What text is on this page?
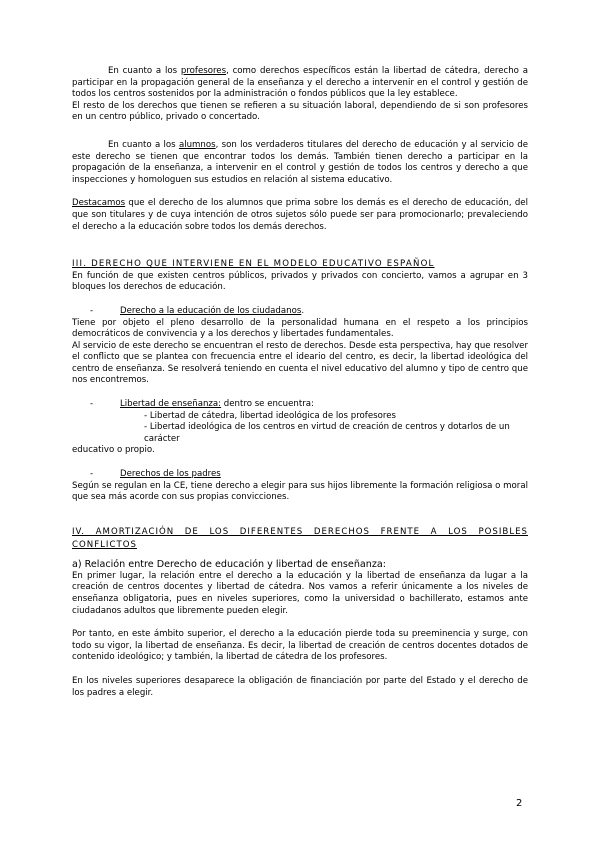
En cuanto a los profesores, como derechos específicos están la libertad de cátedra, derecho a participar en la propagación general de la enseñanza y el derecho a intervenir en el control y gestión de todos los centros sostenidos por la administración o fondos públicos que la ley establece.

El resto de los derechos que tienen se refieren a su situación laboral, dependiendo de si son profesores en un centro público, privado o concertado.

En cuanto a los alumnos, son los verdaderos titulares del derecho de educación y al servicio de este derecho se tienen que encontrar todos los demás. También tienen derecho a participar en la propagación de la enseñanza, a intervenir en el control y gestión de todos los centros y derecho a que inspecciones y homologuen sus estudios en relación al sistema educativo.

Destacamos que el derecho de los alumnos que prima sobre los demás es el derecho de educación, del que son titulares y de cuya intención de otros sujetos sólo puede ser para promocionarlo; prevaleciendo el derecho a la educación sobre todos los demás derechos.

III. DERECHO QUE INTERVIENE EN EL MODELO EDUCATIVO ESPAÑOL

En función de que existen centros públicos, privados y privados con concierto, vamos a agrupar en 3 bloques los derechos de educación.

-	Derecho a la educación de los ciudadanos.

Tiene por objeto el pleno desarrollo de la personalidad humana en el respeto a los principios democráticos de convivencia y a los derechos y libertades fundamentales.

Al servicio de este derecho se encuentran el resto de derechos. Desde esta perspectiva, hay que resolver el conflicto que se plantea con frecuencia entre el ideario del centro, es decir, la libertad ideológica del centro de enseñanza. Se resolverá teniendo en cuenta el nivel educativo del alumno y tipo de centro que nos encontremos.

-	Libertad de enseñanza: dentro se encuentra:
- Libertad de cátedra, libertad ideológica de los profesores
- Libertad ideológica de los centros en virtud de creación de centros y dotarlos de un carácter
educativo o propio.
-	Derechos de los padres

Según se regulan en la CE, tiene derecho a elegir para sus hijos libremente la formación religiosa o moral que sea más acorde con sus propias convicciones.

IV. AMORTIZACIÓN DE LOS DIFERENTES DERECHOS FRENTE A LOS POSIBLES
CONFLICTOS
a) Relación entre Derecho de educación y libertad de enseñanza:

En primer lugar, la relación entre el derecho a la educación y la libertad de enseñanza da lugar a la creación de centros docentes y libertad de cátedra. Nos vamos a referir únicamente a los niveles de enseñanza obligatoria, pues en niveles superiores, como la universidad o bachillerato, estamos ante ciudadanos adultos que libremente pueden elegir.

Por tanto, en este ámbito superior, el derecho a la educación pierde toda su preeminencia y surge, con todo su vigor, la libertad de enseñanza. Es decir, la libertad de creación de centros docentes dotados de contenido ideológico; y también, la libertad de cátedra de los profesores.

En los niveles superiores desaparece la obligación de financiación por parte del Estado y el derecho de los padres a elegir.

2
